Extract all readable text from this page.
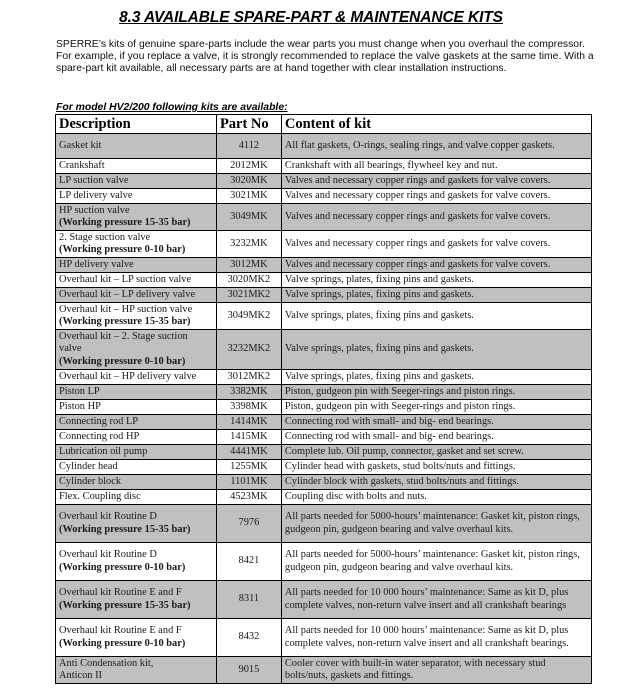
8.3 AVAILABLE SPARE-PART & MAINTENANCE KITS
SPERRE’s kits of genuine spare-parts include the wear parts you must change when you overhaul the compressor. For example, if you replace a valve, it is strongly recommended to replace the valve gaskets at the same time. With a spare-part kit available, all necessary parts are at hand together with clear installation instructions.
For model HV2/200 following kits are available:
Description	Part No	Content of kit

Gasket kit	4112	All flat gaskets, O-rings, sealing rings, and valve copper gaskets.

Crankshaft	2012MK	Crankshaft with all bearings, flywheel key and nut.

LP suction valve	3020MK	Valves and necessary copper rings and gaskets for valve covers.

LP delivery valve	3021MK	Valves and necessary copper rings and gaskets for valve covers.

HP suction valve
(Working pressure 15-35 bar)	3049MK	Valves and necessary copper rings and gaskets for valve covers.

2. Stage suction valve
(Working pressure 0-10 bar)	3232MK	Valves and necessary copper rings and gaskets for valve covers.

HP delivery valve	3012MK	Valves and necessary copper rings and gaskets for valve covers.

Overhaul kit – LP suction valve	3020MK2	Valve springs, plates, fixing pins and gaskets.

Overhaul kit – LP delivery valve	3021MK2	Valve springs, plates, fixing pins and gaskets.

Overhaul kit – HP suction valve
(Working pressure 15-35 bar)	3049MK2	Valve springs, plates, fixing pins and gaskets.

Overhaul kit – 2. Stage suction
valve
(Working pressure 0-10 bar)	3232MK2	Valve springs, plates, fixing pins and gaskets.

Overhaul kit – HP delivery valve	3012MK2	Valve springs, plates, fixing pins and gaskets.

Piston LP	3382MK	Piston, gudgeon pin with Seeger-rings and piston rings.

Piston HP	3398MK	Piston, gudgeon pin with Seeger-rings and piston rings.

Connecting rod LP	1414MK	Connecting rod with small- and big- end bearings.

Connecting rod HP	1415MK	Connecting rod with small- and big- end bearings.

Lubrication oil pump	4441MK	Complete lub. Oil pump, connector, gasket and set screw.

Cylinder head	1255MK	Cylinder head with gaskets, stud bolts/nuts and fittings.

Cylinder block	1101MK	Cylinder block with gaskets, stud bolts/nuts and fittings.

Flex. Coupling disc	4523MK	Coupling disc with bolts and nuts.

Overhaul kit Routine D
(Working pressure 15-35 bar)	7976	All parts needed for 5000-hours’ maintenance: Gasket kit, piston rings, gudgeon pin, gudgeon bearing and valve overhaul kits.

Overhaul kit Routine D
(Working pressure 0-10 bar)	8421	All parts needed for 5000-hours’ maintenance: Gasket kit, piston rings, gudgeon pin, gudgeon bearing and valve overhaul kits.

Overhaul kit Routine E and F
(Working pressure 15-35 bar)	8311	All parts needed for 10 000 hours’ maintenance: Same as kit D, plus complete valves, non-return valve insert and all crankshaft bearings

Overhaul kit Routine E and F
(Working pressure 0-10 bar)	8432	All parts needed for 10 000 hours’ maintenance: Same as kit D, plus complete valves, non-return valve insert and all crankshaft bearings.

Anti Condensation kit,
Anticon II	9015	Cooler cover with built-in water separator, with necessary stud bolts/nuts, gaskets and fittings.
